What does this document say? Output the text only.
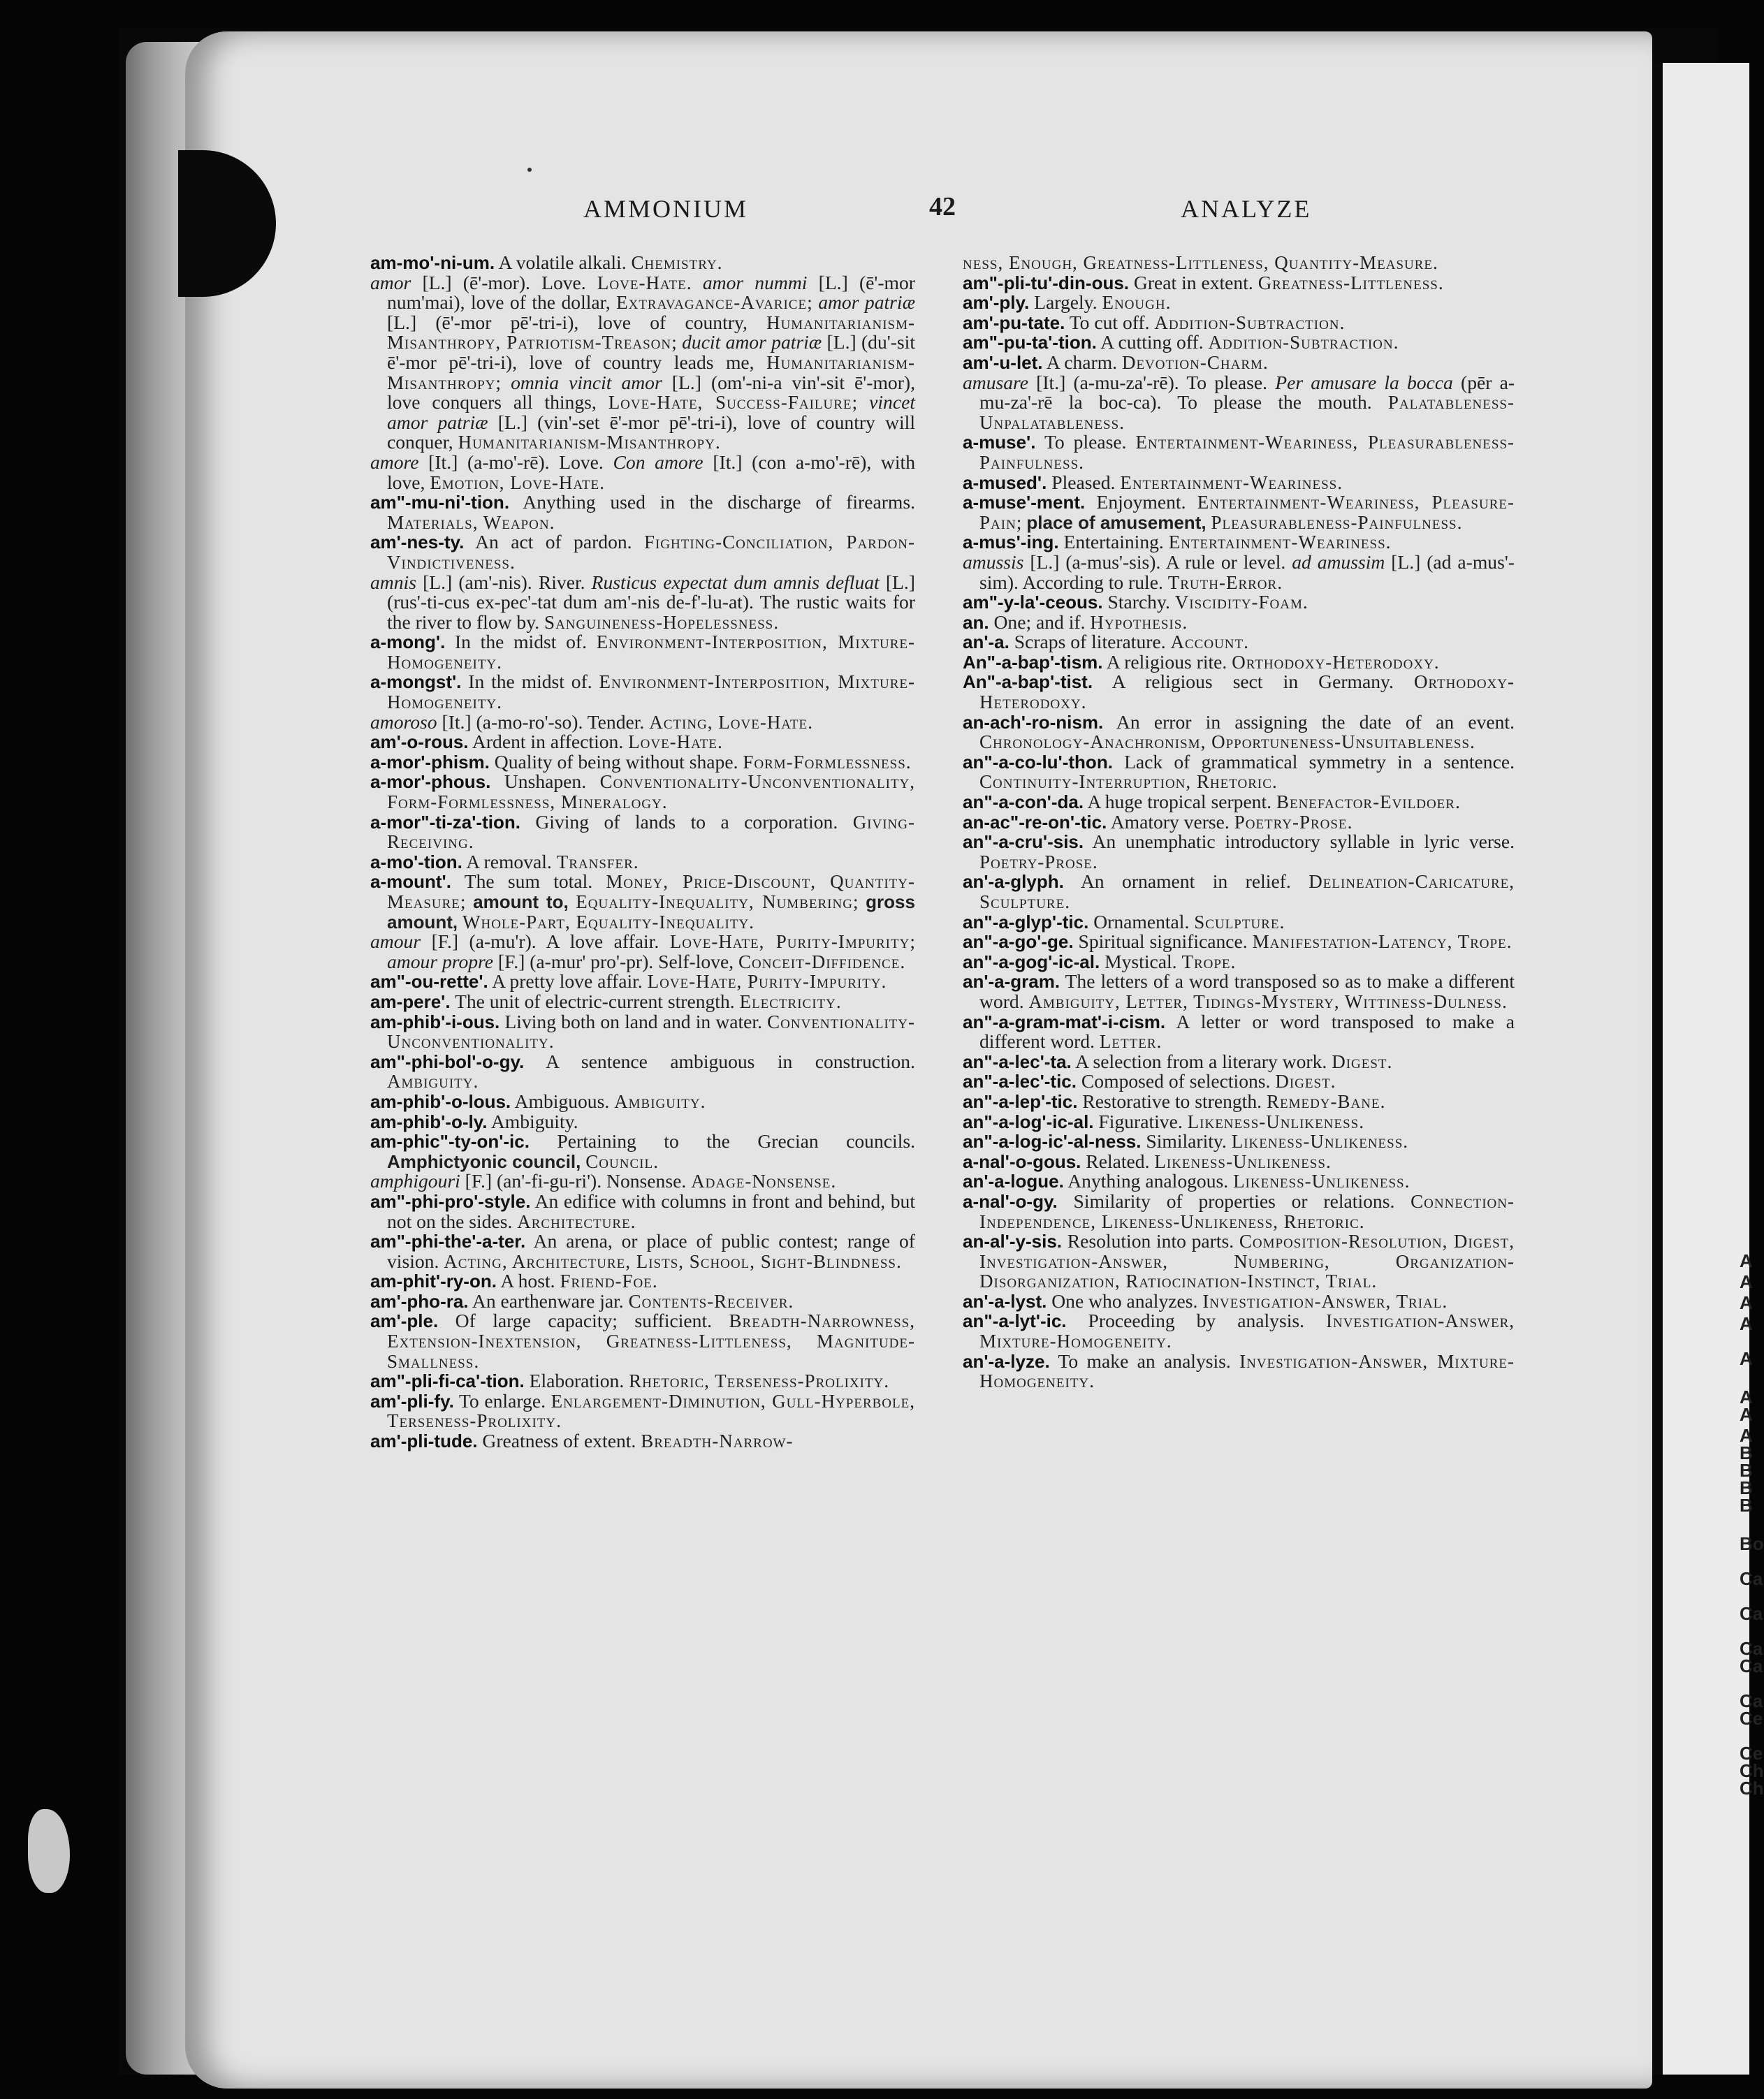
A
A
A
A
A
A
A
A
B
B
B
B
Bo
Ca
Ca
Ca
Ca
Ca
Ce
Ce
Ch
Ch
AMMONIUM	42	ANALYZE

am-mo'-ni-um. A volatile alkali. Chemistry.

amor [L.] (ē'-mor). Love. Love-Hate. amor nummi [L.] (ē'-mor num'mai), love of the dollar, Extravagance-Avarice; amor patriæ [L.] (ē'-mor pē'-tri-i), love of country, Humanitarianism-Misanthropy, Patriotism-Treason; ducit amor patriæ [L.] (du'-sit ē'-mor pē'-tri-i), love of country leads me, Humanitarianism-Misanthropy; omnia vincit amor [L.] (om'-ni-a vin'-sit ē'-mor), love conquers all things, Love-Hate, Success-Failure; vincet amor patriæ [L.] (vin'-set ē'-mor pē'-tri-i), love of country will conquer, Humanitarianism-Misanthropy.

amore [It.] (a-mo'-rē). Love. Con amore [It.] (con a-mo'-rē), with love, Emotion, Love-Hate.

am"-mu-ni'-tion. Anything used in the discharge of firearms. Materials, Weapon.

am'-nes-ty. An act of pardon. Fighting-Conciliation, Pardon-Vindictiveness.

amnis [L.] (am'-nis). River. Rusticus expectat dum amnis defluat [L.] (rus'-ti-cus ex-pec'-tat dum am'-nis de-f'-lu-at). The rustic waits for the river to flow by. Sanguineness-Hopelessness.

a-mong'. In the midst of. Environment-Interposition, Mixture-Homogeneity.

a-mongst'. In the midst of. Environment-Interposition, Mixture-Homogeneity.

amoroso [It.] (a-mo-ro'-so). Tender. Acting, Love-Hate.

am'-o-rous. Ardent in affection. Love-Hate.

a-mor'-phism. Quality of being without shape. Form-Formlessness.

a-mor'-phous. Unshapen. Conventionality-Unconventionality, Form-Formlessness, Mineralogy.

a-mor"-ti-za'-tion. Giving of lands to a corporation. Giving-Receiving.

a-mo'-tion. A removal. Transfer.

a-mount'. The sum total. Money, Price-Discount, Quantity-Measure; amount to, Equality-Inequality, Numbering; gross amount, Whole-Part, Equality-Inequality.

amour [F.] (a-mu'r). A love affair. Love-Hate, Purity-Impurity; amour propre [F.] (a-mur' pro'-pr). Self-love, Conceit-Diffidence.

am"-ou-rette'. A pretty love affair. Love-Hate, Purity-Impurity.

am-pere'. The unit of electric-current strength. Electricity.

am-phib'-i-ous. Living both on land and in water. Conventionality-Unconventionality.

am"-phi-bol'-o-gy. A sentence ambiguous in construction. Ambiguity.

am-phib'-o-lous. Ambiguous. Ambiguity.

am-phib'-o-ly. Ambiguity.

am-phic"-ty-on'-ic. Pertaining to the Grecian councils. Amphictyonic council, Council.

amphigouri [F.] (an'-fi-gu-ri'). Nonsense. Adage-Nonsense.

am"-phi-pro'-style. An edifice with columns in front and behind, but not on the sides. Architecture.

am"-phi-the'-a-ter. An arena, or place of public contest; range of vision. Acting, Architecture, Lists, School, Sight-Blindness.

am-phit'-ry-on. A host. Friend-Foe.

am'-pho-ra. An earthenware jar. Contents-Receiver.

am'-ple. Of large capacity; sufficient. Breadth-Narrowness, Extension-Inextension, Greatness-Littleness, Magnitude-Smallness.

am"-pli-fi-ca'-tion. Elaboration. Rhetoric, Terseness-Prolixity.

am'-pli-fy. To enlarge. Enlargement-Diminution, Gull-Hyperbole, Terseness-Prolixity.

am'-pli-tude. Greatness of extent. Breadth-Narrow-

ness, Enough, Greatness-Littleness, Quantity-Measure.

am"-pli-tu'-din-ous. Great in extent. Greatness-Littleness.

am'-ply. Largely. Enough.

am'-pu-tate. To cut off. Addition-Subtraction.

am"-pu-ta'-tion. A cutting off. Addition-Subtraction.

am'-u-let. A charm. Devotion-Charm.

amusare [It.] (a-mu-za'-rē). To please. Per amusare la bocca (pēr a-mu-za'-rē la boc-ca). To please the mouth. Palatableness-Unpalatableness.

a-muse'. To please. Entertainment-Weariness, Pleasurableness-Painfulness.

a-mused'. Pleased. Entertainment-Weariness.

a-muse'-ment. Enjoyment. Entertainment-Weariness, Pleasure-Pain; place of amusement, Pleasurableness-Painfulness.

a-mus'-ing. Entertaining. Entertainment-Weariness.

amussis [L.] (a-mus'-sis). A rule or level. ad amussim [L.] (ad a-mus'-sim). According to rule. Truth-Error.

am"-y-la'-ceous. Starchy. Viscidity-Foam.

an. One; and if. Hypothesis.

an'-a. Scraps of literature. Account.

An"-a-bap'-tism. A religious rite. Orthodoxy-Heterodoxy.

An"-a-bap'-tist. A religious sect in Germany. Orthodoxy-Heterodoxy.

an-ach'-ro-nism. An error in assigning the date of an event. Chronology-Anachronism, Opportuneness-Unsuitableness.

an"-a-co-lu'-thon. Lack of grammatical symmetry in a sentence. Continuity-Interruption, Rhetoric.

an"-a-con'-da. A huge tropical serpent. Benefactor-Evildoer.

an-ac"-re-on'-tic. Amatory verse. Poetry-Prose.

an"-a-cru'-sis. An unemphatic introductory syllable in lyric verse. Poetry-Prose.

an'-a-glyph. An ornament in relief. Delineation-Caricature, Sculpture.

an"-a-glyp'-tic. Ornamental. Sculpture.

an"-a-go'-ge. Spiritual significance. Manifestation-Latency, Trope.

an"-a-gog'-ic-al. Mystical. Trope.

an'-a-gram. The letters of a word transposed so as to make a different word. Ambiguity, Letter, Tidings-Mystery, Wittiness-Dulness.

an"-a-gram-mat'-i-cism. A letter or word transposed to make a different word. Letter.

an"-a-lec'-ta. A selection from a literary work. Digest.

an"-a-lec'-tic. Composed of selections. Digest.

an"-a-lep'-tic. Restorative to strength. Remedy-Bane.

an"-a-log'-ic-al. Figurative. Likeness-Unlikeness.

an"-a-log-ic'-al-ness. Similarity. Likeness-Unlikeness.

a-nal'-o-gous. Related. Likeness-Unlikeness.

an'-a-logue. Anything analogous. Likeness-Unlikeness.

a-nal'-o-gy. Similarity of properties or relations. Connection-Independence, Likeness-Unlikeness, Rhetoric.

an-al'-y-sis. Resolution into parts. Composition-Resolution, Digest, Investigation-Answer, Numbering, Organization-Disorganization, Ratiocination-Instinct, Trial.

an'-a-lyst. One who analyzes. Investigation-Answer, Trial.

an"-a-lyt'-ic. Proceeding by analysis. Investigation-Answer, Mixture-Homogeneity.

an'-a-lyze. To make an analysis. Investigation-Answer, Mixture-Homogeneity.
